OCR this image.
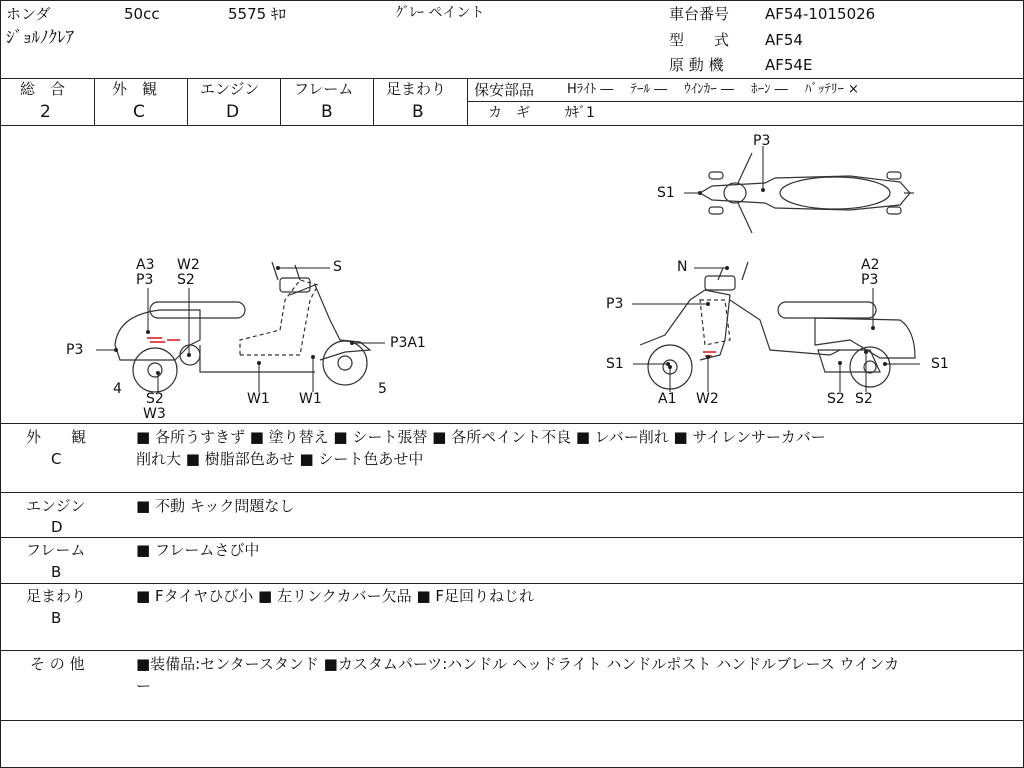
ホンダ	50cc	5575 ｷﾛ	ｸﾞﾚｰ ペイント
ｼﾞｮﾙﾉｸﾚｱ
車台番号 AF54-1015026
型　　式 AF54
原 動 機	AF54E
総　合
2
外　観
C
エンジン
D
フレーム
B
足まわり
B
保安部品	Hﾗｲﾄ ―　 ﾃｰﾙ ―　 ｳｲﾝｶｰ ―　 ﾎｰﾝ ―　 ﾊﾞｯﾃﾘｰ ×
カ　ギ	ｶｷﾞ1
P3
S1
A3
P3
W2
S2
S
P3	P3A1
4	5
S2
W3
W1 W1
N	A2
P3
P3
S1	S1
A1 W2	S2 S2
外　　観
C
■ 各所うすきず ■ 塗り替え ■ シート張替 ■ 各所ペイント不良 ■ レバー削れ ■ サイレンサーカバー
削れ大 ■ 樹脂部色あせ ■ シート色あせ中
エンジン
D
■ 不動 キック問題なし
フレーム
B
■ フレームさび中
足まわり
B
■ Fタイヤひび小 ■ 左リンクカバー欠品 ■ F足回りねじれ
そ の 他	■装備品:センタースタンド ■カスタムパーツ:ハンドル ヘッドライト ハンドルポスト ハンドルブレース ウインカ
ー
